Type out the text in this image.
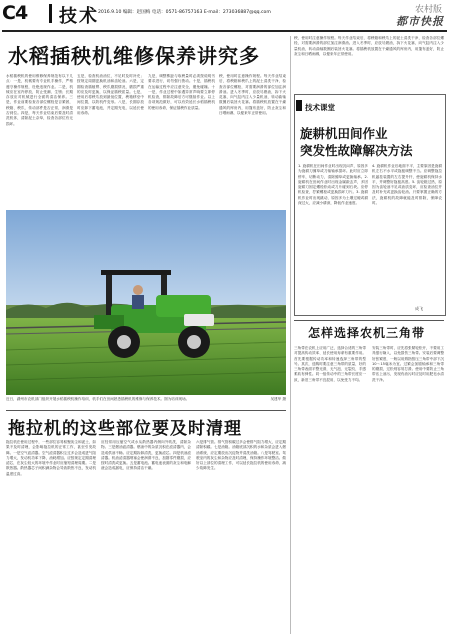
C4 技术 2016.9.10 编辑：赵国梅 电话：0571-86757163 E-mail：273036887@qq.com	农村版
都市快报
水稻插秧机维修保养讲究多
水稻插秧机的使用维修保养规范有以下几点：一是，机械要有专业机手操作，严格遵守操作规程，杜绝违规作业。二是，机械应在室内停放，防止受潮、生锈；长期存放应对机械进行全面的清洁保养。三是，作业前要检查各部位螺栓是否紧固，秧箱、秧爪、传动部件是否正常，润滑是否到位。四是，每天作业结束后要及时清洗机体，清除泥土杂草，检查各部位有无损坏。
五是，检查机油油位，不足时及时补充；按规定周期更换机油和齿轮油。六是，定期检查插植臂、秧爪磨损情况，磨损严重的应及时更换，以保证插秧质量。七是，使用后将秧爪放到最低位置，秧箱移至中间位置，以防机件变形。八是，长期存放时应卸下蓄电池，并定期充电，以延长使用寿命。
九是，调整株距与取秧量时必须按说明书要求进行，切勿强行拨动。十是，插秧机在运输过程中应注意安全，避免碰撞。十一是，作业过程中如遇异常声响要立即停机检查，排除故障后方可继续作业。以上各项规范做好，可以有效延长水稻插秧机的使用寿命，保证插秧作业质量。
秧，使用时注意操作规程。每天作业结束后，将秧箱和秧爪上的泥土清洗干净，检查各部位螺栓，对需要润滑的部位加注润滑油。进入冬季时，应放尽燃油，拆下火花塞，向气缸内注入少量机油，转动曲轴数圈后装回火花塞。将插秧机放置在干燥通风的库房内，用篷布盖好，防止灰尘和日晒雨淋，以便来年正常使用。
秧，使用时注意操作规程。每天作业结束后，将秧箱和秧爪上的泥土清洗干净，检查各部位螺栓，对需要润滑的部位加注润滑油。进入冬季时，应放尽燃油，拆下火花塞，向气缸内注入少量机油，转动曲轴数圈后装回火花塞。将插秧机放置在干燥通风的库房内，用篷布盖好，防止灰尘和日晒雨淋，以便来年正常使用。
近日，湖州市农机部门组织开展水稻插秧机操作培训，机手们在田间熟悉插秧机的维修与保养技术。图为培训现场。	吴建华 摄
技术课堂
旋耕机田间作业
突发性故障解决方法
1. 旋耕机在田间作业时出现沉闷声，原因多为旋耕刀缠草或刀轴轴承损坏。此时应立即停车，切断动力，清除缠草或更换轴承。2. 旋耕机在田间作业时出现金属敲击声，多因旋耕刀固定螺栓松动或刀片碰到石块。应停机检查，拧紧螺栓或更换损坏刀片。3. 旋耕机作业时出现跳动，原因多为土壤过硬或耕深过大，应减小耕深，降低作业速度。
4. 旋耕机作业后地面不平，主要原因是旋耕机左右不水平或拖板调整不当。应调整拖拉机悬挂装置的左右提升杆，使旋耕机保持水平，并调整好拖板高度。5. 齿轮箱过热，原因为齿轮油不足或油质变坏，应检查油位并及时补充或更换齿轮油。只要掌握正确的方法，旋耕机的故障就能及时排除，保障农时。
成飞
怎样选择农机三角带
三角带在农机上应用广泛，选择合适的三角带对提高传动效率、延长使用寿命有重要作用。首先要根据传动功率和转速选择三角带的型号。其次，选购时要注意三角带的质量，好的三角带表面平整光滑，无气泡、无裂纹，手感柔软有弹性。同一组传动中的三角带长度应一致，新旧三角带不宜混用，以免受力不均。
安装三角带时，应先将张紧轮松开，不要用工具强行撬入，以免损伤三角带。安装后要调整好张紧度，一般以用拇指按压三角带中部下沉10～15毫米为宜。过紧会加剧轴承和三角带的磨损，过松则容易打滑。使用中要防止三角带沾上油污，发现有油污时应及时用肥皂水清洗干净。
拖拉机的这些部位要及时清理
拖拉机在使用过程中，一些部位容易积聚灰尘和泥土，如果不及时清理，会影响拖拉机的正常工作，甚至引发故障。一是空气滤清器。空气滤清器积尘过多会造成进气阻力增大，发动机功率下降，油耗增加。应按规定定期清理滤芯，在灰尘较大的环境中作业时应缩短清理周期。二是散热器。散热器芯子间积满杂物会导致散热不良，发动机温度过高。
应经常用压缩空气或水从散热器内侧向外吹洗，清除杂物。三是燃油滤清器。燃油中的杂质沉积在滤清器内，会造成供油不畅。应定期拆卸清洗，更换滤芯。四是机油滤清器。机油滤清器堵塞会使润滑不良，加剧零件磨损，应按时清洗或更换。五是蓄电池。蓄电池表面的灰尘和电解液会造成漏电，应保持清洁干燥。
六是排气管。排气管积碳过多会使排气阻力增大，应定期清除积碳。七是油箱。油箱底部沉积的水和杂质会进入燃油系统，应定期放出沉淀物并清洗油箱。八是驾驶室。驾驶室内的灰尘和杂物应及时清理，保持操作环境整洁。做好以上部位的清理工作，可以延长拖拉机的使用寿命，减少故障发生。
